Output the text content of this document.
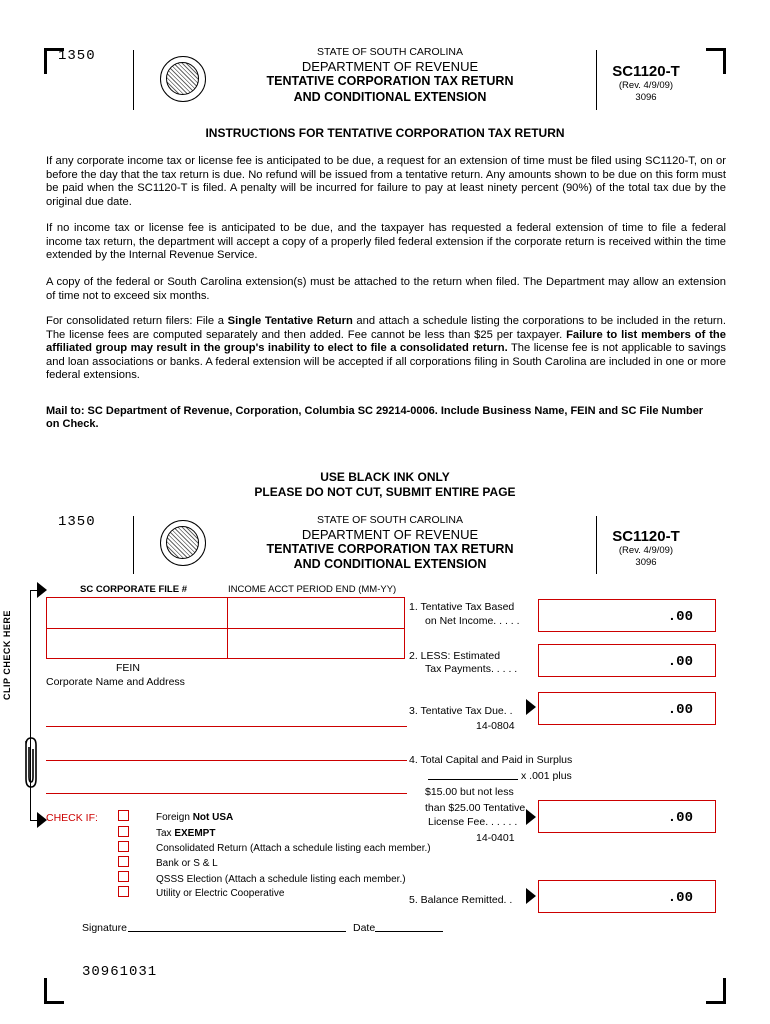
1350	STATE OF SOUTH CAROLINA
DEPARTMENT OF REVENUE
TENTATIVE CORPORATION TAX RETURN
AND CONDITIONAL EXTENSION
SC1120-T
(Rev. 4/9/09)
3096
INSTRUCTIONS FOR TENTATIVE CORPORATION TAX RETURN
If any corporate income tax or license fee is anticipated to be due, a request for an extension of time must be filed using SC1120-T, on or before the day that the tax return is due. No refund will be issued from a tentative return. Any amounts shown to be due on this form must be paid when the SC1120-T is filed. A penalty will be incurred for failure to pay at least ninety percent (90%) of the total tax due by the original due date.
If no income tax or license fee is anticipated to be due, and the taxpayer has requested a federal extension of time to file a federal income tax return, the department will accept a copy of a properly filed federal extension if the corporate return is received within the time extended by the Internal Revenue Service.
A copy of the federal or South Carolina extension(s) must be attached to the return when filed. The Department may allow an extension of time not to exceed six months.
For consolidated return filers: File a Single Tentative Return and attach a schedule listing the corporations to be included in the return. The license fees are computed separately and then added. Fee cannot be less than $25 per taxpayer. Failure to list members of the affiliated group may result in the group's inability to elect to file a consolidated return. The license fee is not applicable to savings and loan associations or banks. A federal extension will be accepted if all corporations filing in South Carolina are included in one or more federal extensions.
Mail to: SC Department of Revenue, Corporation, Columbia SC 29214-0006. Include Business Name, FEIN and SC File Number on Check.
USE BLACK INK ONLY
PLEASE DO NOT CUT, SUBMIT ENTIRE PAGE
1350	STATE OF SOUTH CAROLINA
DEPARTMENT OF REVENUE
TENTATIVE CORPORATION TAX RETURN
AND CONDITIONAL EXTENSION
SC1120-T
(Rev. 4/9/09)
3096
CLIP CHECK HERE
SC CORPORATE FILE #	INCOME ACCT PERIOD END (MM-YY)
FEIN
Corporate Name and Address
1. Tentative Tax Based
on Net Income. . . . .	.00
2. LESS: Estimated
Tax Payments. . . . .	.00
3. Tentative Tax Due. .
14-0804
.00
4. Total Capital and Paid in Surplus
x .001 plus
$15.00 but not less
than $25.00 Tentative
License Fee. . . . . .
14-0401
.00
5. Balance Remitted. .	.00
CHECK IF:	Foreign Not USA
Tax EXEMPT
Consolidated Return (Attach a schedule listing each member.)
Bank or S & L
QSSS Election (Attach a schedule listing each member.)
Utility or Electric Cooperative
Signature	Date
30961031
